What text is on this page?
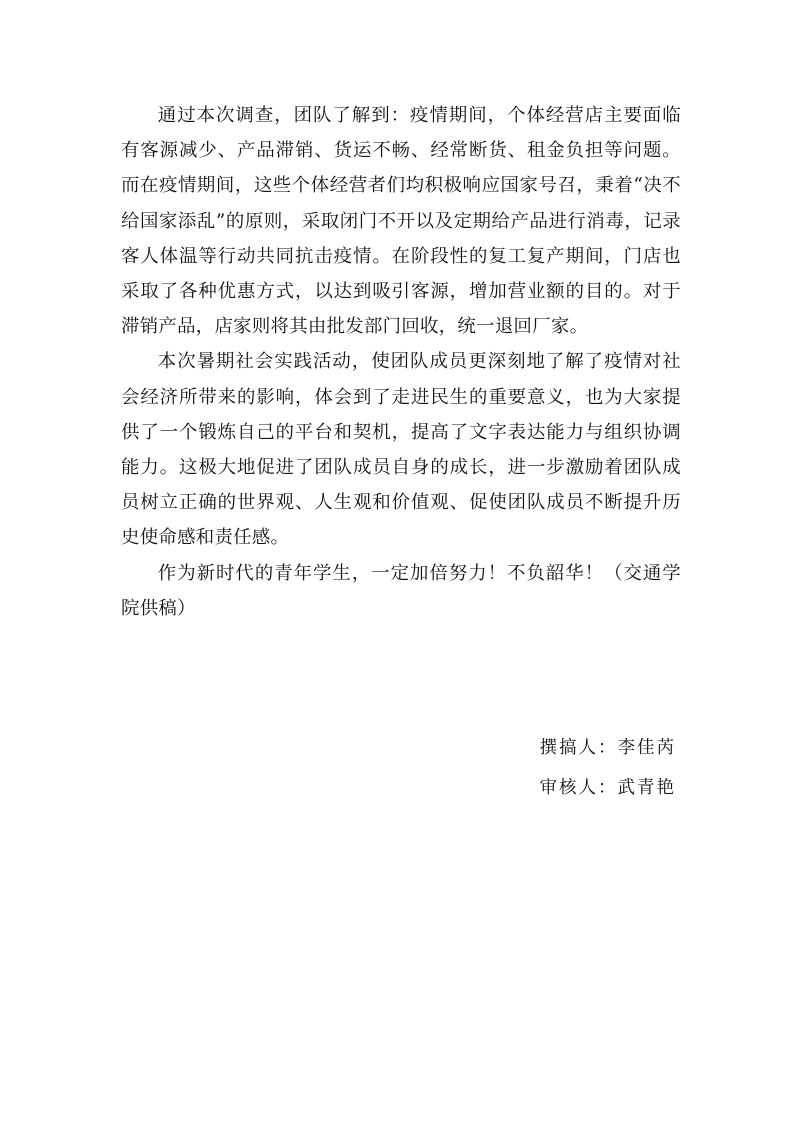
通过本次调查，团队了解到：疫情期间，个体经营店主要面临有客源减少、产品滞销、货运不畅、经常断货、租金负担等问题。而在疫情期间，这些个体经营者们均积极响应国家号召，秉着“决不给国家添乱”的原则，采取闭门不开以及定期给产品进行消毒，记录客人体温等行动共同抗击疫情。在阶段性的复工复产期间，门店也采取了各种优惠方式，以达到吸引客源，增加营业额的目的。对于滞销产品，店家则将其由批发部门回收，统一退回厂家。

本次暑期社会实践活动，使团队成员更深刻地了解了疫情对社会经济所带来的影响，体会到了走进民生的重要意义，也为大家提供了一个锻炼自己的平台和契机，提高了文字表达能力与组织协调能力。这极大地促进了团队成员自身的成长，进一步激励着团队成员树立正确的世界观、人生观和价值观、促使团队成员不断提升历史使命感和责任感。

作为新时代的青年学生，一定加倍努力！不负韶华！（交通学院供稿）

撰搞人：李佳芮

审核人：武青艳
